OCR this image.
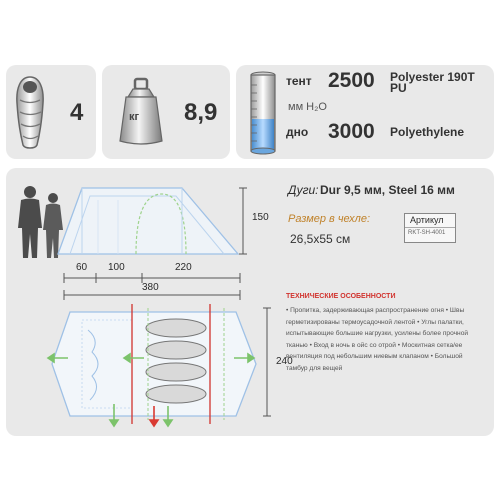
4	кг 8,9
тент 2500 Polyester 190T PU
мм H₂O
дно 3000 Polyethylene
150
60 100	220
380
240
Дуги: Dur 9,5 мм, Steel 16 мм
Размер в чехле:
26,5x55 см
Артикул
RKT-SH-4001
ТЕХНИЧЕСКИЕ ОСОБЕННОСТИ
• Пропитка, задерживающая распространение огня • Швы герметизированы термоусадочной лентой • Углы палатки, испытывающие большие нагрузки, усилены более прочной тканью • Вход в ночь в ойс со отрой • Москитная сетка/ее вентиляция под небольшим ниевым клапаном • Большой тамбур для вещей
